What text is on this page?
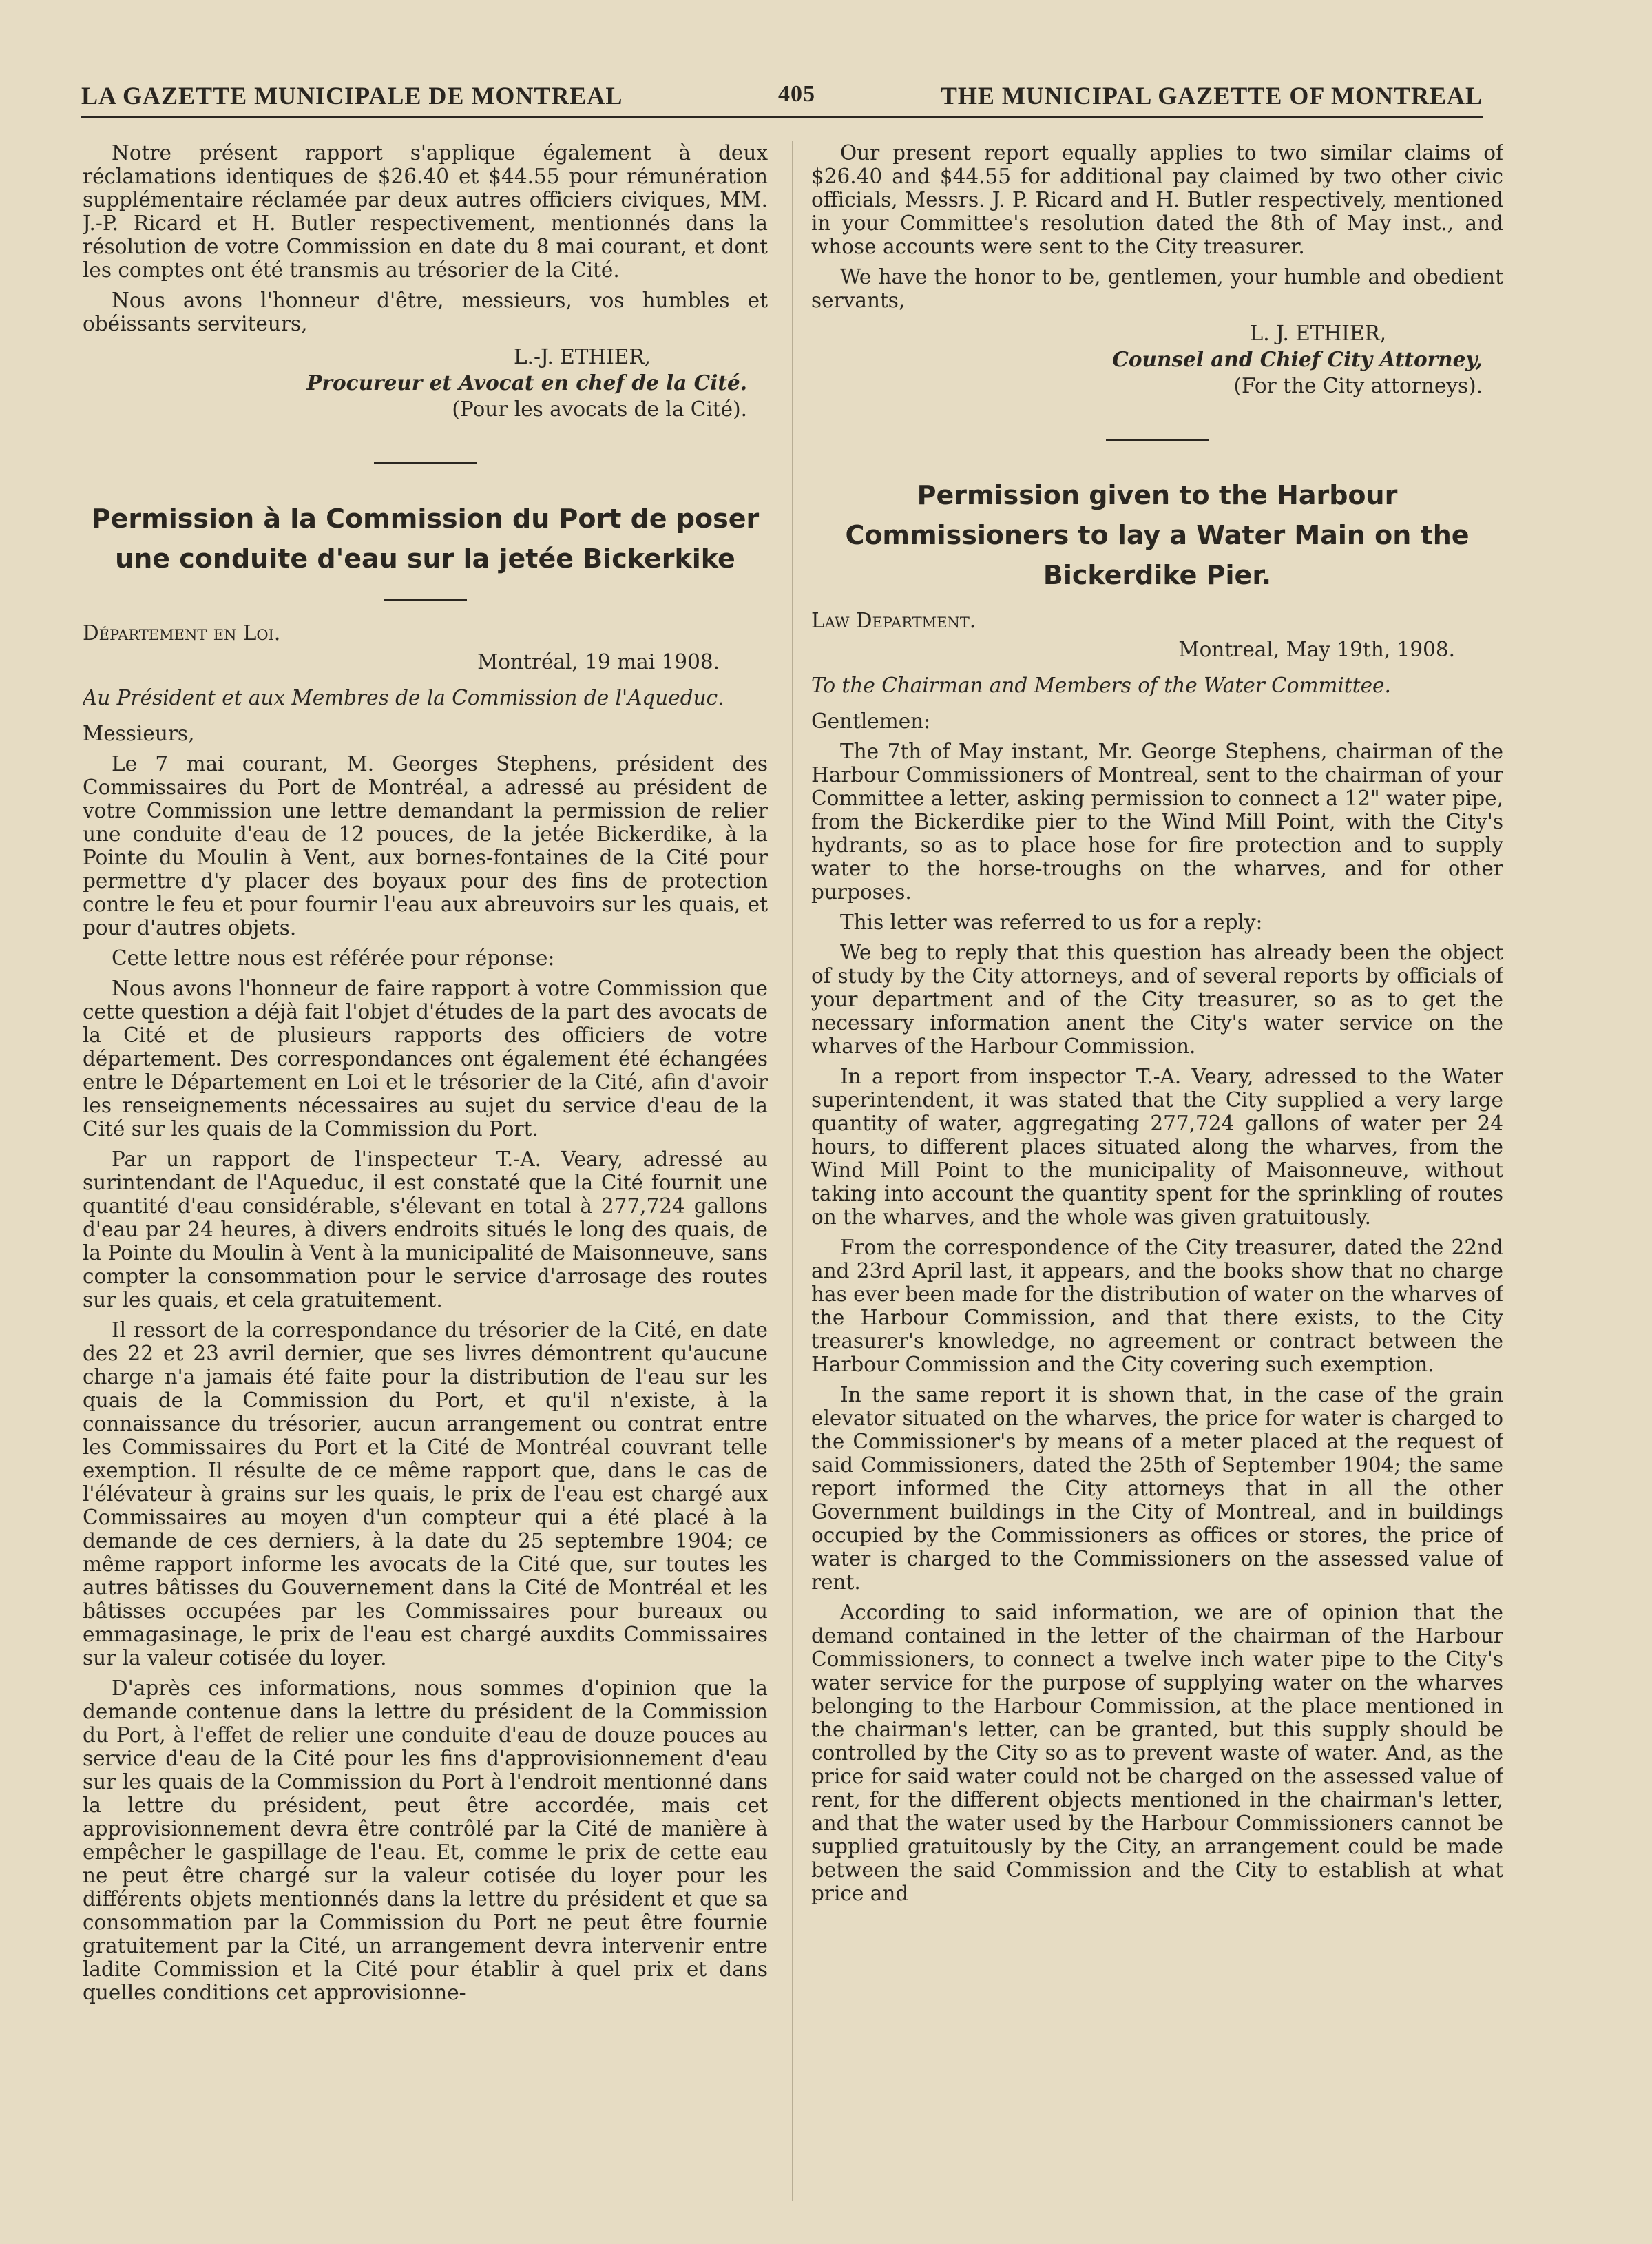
LA GAZETTE MUNICIPALE DE MONTREAL	405	THE MUNICIPAL GAZETTE OF MONTREAL

Notre présent rapport s'applique également à deux réclamations identiques de $26.40 et $44.55 pour rémunération supplémentaire réclamée par deux autres officiers civiques, MM. J.-P. Ricard et H. Butler respectivement, mentionnés dans la résolution de votre Commission en date du 8 mai courant, et dont les comptes ont été transmis au trésorier de la Cité.

Nous avons l'honneur d'être, messieurs, vos humbles et obéissants serviteurs,

L.-J. ETHIER,

Procureur et Avocat en chef de la Cité.

(Pour les avocats de la Cité).

Permission à la Commission du Port de poser une conduite d'eau sur la jetée Bickerkike

Département en Loi.

Montréal, 19 mai 1908.

Au Président et aux Membres de la Commission de l'Aqueduc.

Messieurs,

Le 7 mai courant, M. Georges Stephens, président des Commissaires du Port de Montréal, a adressé au président de votre Commission une lettre demandant la permission de relier une conduite d'eau de 12 pouces, de la jetée Bickerdike, à la Pointe du Moulin à Vent, aux bornes-fontaines de la Cité pour permettre d'y placer des boyaux pour des fins de protection contre le feu et pour fournir l'eau aux abreuvoirs sur les quais, et pour d'autres objets.

Cette lettre nous est référée pour réponse:

Nous avons l'honneur de faire rapport à votre Commission que cette question a déjà fait l'objet d'études de la part des avocats de la Cité et de plusieurs rapports des officiers de votre département. Des correspondances ont également été échangées entre le Département en Loi et le trésorier de la Cité, afin d'avoir les renseignements nécessaires au sujet du service d'eau de la Cité sur les quais de la Commission du Port.

Par un rapport de l'inspecteur T.-A. Veary, adressé au surintendant de l'Aqueduc, il est constaté que la Cité fournit une quantité d'eau considérable, s'élevant en total à 277,724 gallons d'eau par 24 heures, à divers endroits situés le long des quais, de la Pointe du Moulin à Vent à la municipalité de Maisonneuve, sans compter la consommation pour le service d'arrosage des routes sur les quais, et cela gratuitement.

Il ressort de la correspondance du trésorier de la Cité, en date des 22 et 23 avril dernier, que ses livres démontrent qu'aucune charge n'a jamais été faite pour la distribution de l'eau sur les quais de la Commission du Port, et qu'il n'existe, à la connaissance du trésorier, aucun arrangement ou contrat entre les Commissaires du Port et la Cité de Montréal couvrant telle exemption. Il résulte de ce même rapport que, dans le cas de l'élévateur à grains sur les quais, le prix de l'eau est chargé aux Commissaires au moyen d'un compteur qui a été placé à la demande de ces derniers, à la date du 25 septembre 1904; ce même rapport informe les avocats de la Cité que, sur toutes les autres bâtisses du Gouvernement dans la Cité de Montréal et les bâtisses occupées par les Commissaires pour bureaux ou emmagasinage, le prix de l'eau est chargé auxdits Commissaires sur la valeur cotisée du loyer.

D'après ces informations, nous sommes d'opinion que la demande contenue dans la lettre du président de la Commission du Port, à l'effet de relier une conduite d'eau de douze pouces au service d'eau de la Cité pour les fins d'approvisionnement d'eau sur les quais de la Commission du Port à l'endroit mentionné dans la lettre du président, peut être accordée, mais cet approvisionnement devra être contrôlé par la Cité de manière à empêcher le gaspillage de l'eau. Et, comme le prix de cette eau ne peut être chargé sur la valeur cotisée du loyer pour les différents objets mentionnés dans la lettre du président et que sa consommation par la Commission du Port ne peut être fournie gratuitement par la Cité, un arrangement devra intervenir entre ladite Commission et la Cité pour établir à quel prix et dans quelles conditions cet approvisionne-

Our present report equally applies to two similar claims of $26.40 and $44.55 for additional pay claimed by two other civic officials, Messrs. J. P. Ricard and H. Butler respectively, mentioned in your Committee's resolution dated the 8th of May inst., and whose accounts were sent to the City treasurer.

We have the honor to be, gentlemen, your humble and obedient servants,

L. J. ETHIER,

Counsel and Chief City Attorney,

(For the City attorneys).

Permission given to the Harbour Commissioners to lay a Water Main on the Bickerdike Pier.

Law Department.

Montreal, May 19th, 1908.

To the Chairman and Members of the Water Committee.

Gentlemen:

The 7th of May instant, Mr. George Stephens, chairman of the Harbour Commissioners of Montreal, sent to the chairman of your Committee a letter, asking permission to connect a 12" water pipe, from the Bickerdike pier to the Wind Mill Point, with the City's hydrants, so as to place hose for fire protection and to supply water to the horse-troughs on the wharves, and for other purposes.

This letter was referred to us for a reply:

We beg to reply that this question has already been the object of study by the City attorneys, and of several reports by officials of your department and of the City treasurer, so as to get the necessary information anent the City's water service on the wharves of the Harbour Commission.

In a report from inspector T.-A. Veary, adressed to the Water superintendent, it was stated that the City supplied a very large quantity of water, aggregating 277,724 gallons of water per 24 hours, to different places situated along the wharves, from the Wind Mill Point to the municipality of Maisonneuve, without taking into account the quantity spent for the sprinkling of routes on the wharves, and the whole was given gratuitously.

From the correspondence of the City treasurer, dated the 22nd and 23rd April last, it appears, and the books show that no charge has ever been made for the distribution of water on the wharves of the Harbour Commission, and that there exists, to the City treasurer's knowledge, no agreement or contract between the Harbour Commission and the City covering such exemption.

In the same report it is shown that, in the case of the grain elevator situated on the wharves, the price for water is charged to the Commissioner's by means of a meter placed at the request of said Commissioners, dated the 25th of September 1904; the same report informed the City attorneys that in all the other Government buildings in the City of Montreal, and in buildings occupied by the Commissioners as offices or stores, the price of water is charged to the Commissioners on the assessed value of rent.

According to said information, we are of opinion that the demand contained in the letter of the chairman of the Harbour Commissioners, to connect a twelve inch water pipe to the City's water service for the purpose of supplying water on the wharves belonging to the Harbour Commission, at the place mentioned in the chairman's letter, can be granted, but this supply should be controlled by the City so as to prevent waste of water. And, as the price for said water could not be charged on the assessed value of rent, for the different objects mentioned in the chairman's letter, and that the water used by the Harbour Commissioners cannot be supplied gratuitously by the City, an arrangement could be made between the said Commission and the City to establish at what price and
